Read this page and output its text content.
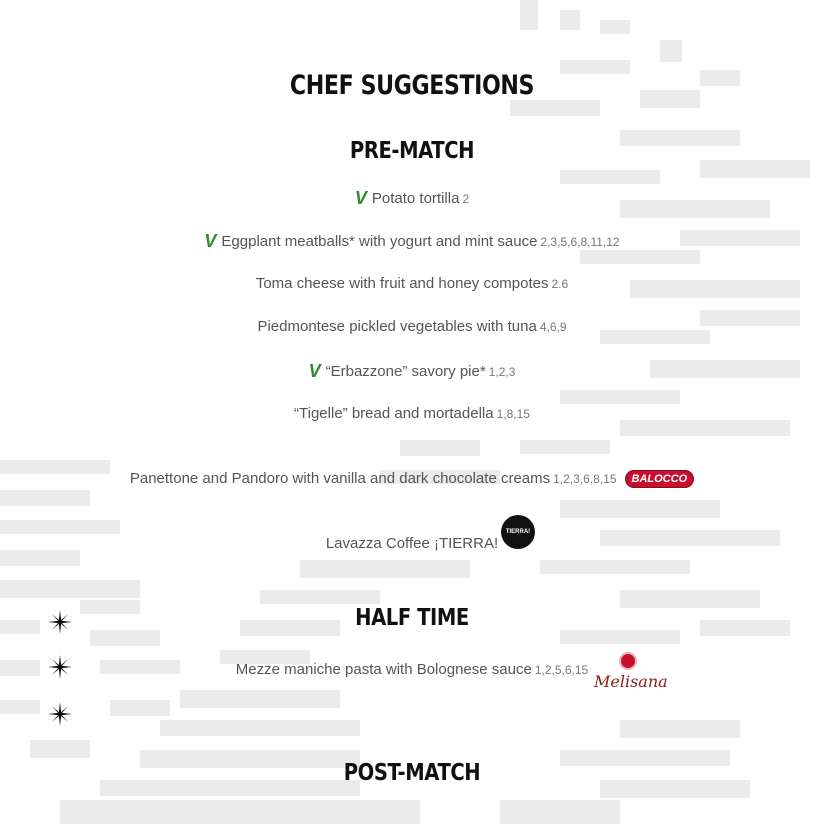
CHEF SUGGESTIONS
PRE-MATCH
V Potato tortilla 2
V Eggplant meatballs* with yogurt and mint sauce 2,3,5,6,8,11,12
Toma cheese with fruit and honey compotes 2.6
Piedmontese pickled vegetables with tuna 4,6,9
V “Erbazzone” savory pie* 1,2,3
“Tigelle” bread and mortadella 1,8,15
Panettone and Pandoro with vanilla and dark chocolate creams 1,2,3,6,8,15 BALOCCO
Lavazza Coffee ¡TIERRA!
TIERRA!
HALF TIME
Mezze maniche pasta with Bolognese sauce 1,2,5,6,15
Melisana
POST-MATCH
